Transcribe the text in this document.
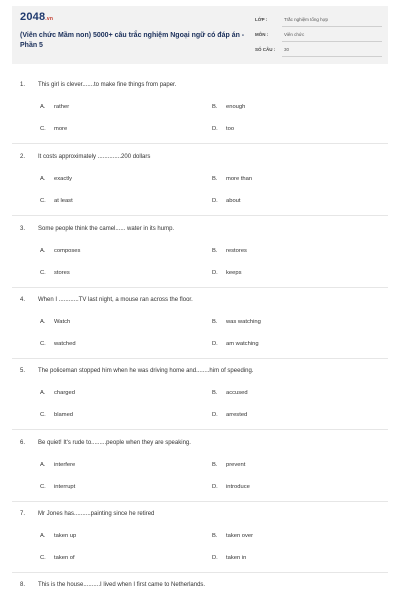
2048.vn
(Viên chức Mầm non) 5000+ câu trắc nghiệm Ngoại ngữ có đáp án - Phần 5
LỚP :	Trắc nghiệm tổng hợp
MÔN :	Viên chức
SỐ CÂU : 30
1. This girl is clever.......to make fine things from paper.
A. rather	B. enough
C. more	D. too
2. It costs approximately ..............200 dollars
A. exactly	B. more than
C. at least	D. about
3. Some people think the camel...... water in its hump.
A. composes	B. restores
C. stores	D. keeps
4. When I ............TV last night, a mouse ran across the floor.
A. Watch	B. was watching
C. watched	D. am watching
5. The policeman stopped him when he was driving home and........him of speeding.
A. charged	B. accused
C. blamed	D. arrested
6. Be quiet! It's rude to.........people when they are speaking.
A. interfere	B. prevent
C. interrupt	D. introduce
7. Mr Jones has..........painting since he retired
A. taken up	B. taken over
C. taken of	D. taken in
8. This is the house..........I lived when I first came to Netherlands.
